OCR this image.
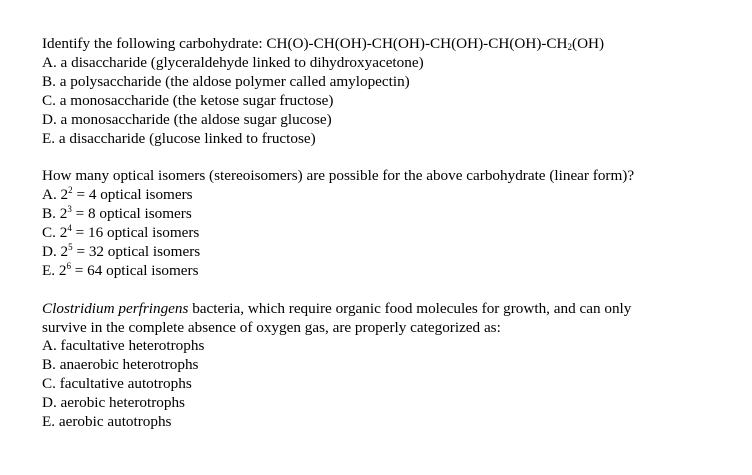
Identify the following carbohydrate: $CH(O)-CH(OH)-CH(OH)-CH(OH)-CH(OH)-CH_2(OH)$
A. a disaccharide (glyceraldehyde linked to dihydroxyacetone)
B. a polysaccharide (the aldose polymer called amylopectin)
C. a monosaccharide (the ketose sugar fructose)
D. a monosaccharide (the aldose sugar glucose)
E. a disaccharide (glucose linked to fructose)
How many optical isomers (stereoisomers) are possible for the above carbohydrate (linear form)?
A. $2^2 = 4$ optical isomers
B. $2^3 = 8$ optical isomers
C. $2^4 = 16$ optical isomers
D. $2^5 = 32$ optical isomers
E. $2^6 = 64$ optical isomers
Clostridium perfringens bacteria, which require organic food molecules for growth, and can only
survive in the complete absence of oxygen gas, are properly categorized as:
A. facultative heterotrophs
B. anaerobic heterotrophs
C. facultative autotrophs
D. aerobic heterotrophs
E. aerobic autotrophs
